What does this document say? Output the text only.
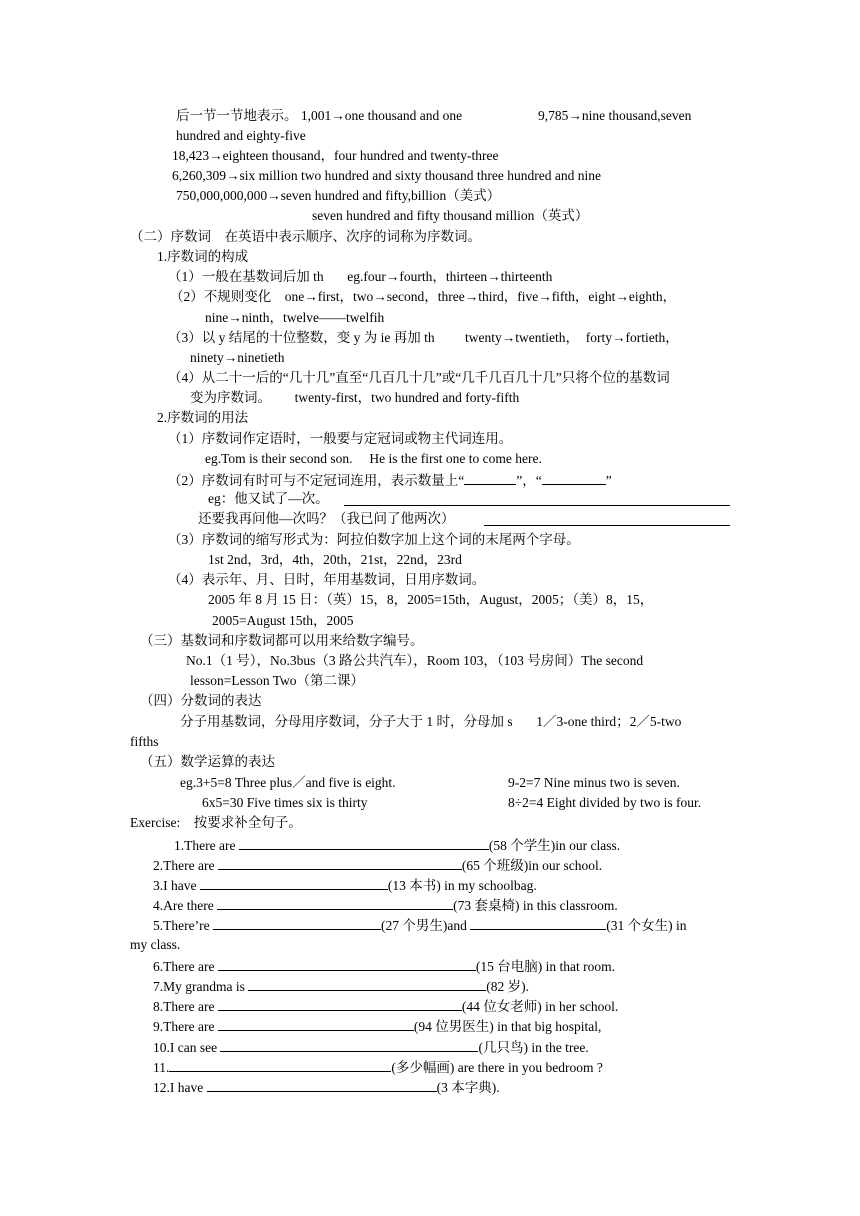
后一节一节地表示。 1,001→one thousand and one	9,785→nine thousand,seven
hundred and eighty-five
18,423→eighteen thousand，four hundred and twenty-three
6,260,309→six million two hundred and sixty thousand three hundred and nine
750,000,000,000→seven hundred and fifty,billion（美式）
seven hundred and fifty thousand million（英式）
（二）序数词    在英语中表示顺序、次序的词称为序数词。
1.序数词的构成
（1）一般在基数词后加 th       eg.four→fourth，thirteen→thirteenth
（2）不规则变化    one→first，two→second，three→third，five→fifth，eight→eighth，
nine→ninth，twelve——twelfih
（3）以 y 结尾的十位整数，变 y 为 ie 再加 th         twenty→twentieth，  forty→fortieth，
ninety→ninetieth
（4）从二十一后的“几十几”直至“几百几十几”或“几千几百几十几”只将个位的基数词
变为序数词。       twenty-first，two hundred and forty-fifth
2.序数词的用法
（1）序数词作定语时，一般要与定冠词或物主代词连用。
eg.Tom is their second son.     He is the first one to come here.
（2）序数词有时可与不定冠词连用，表示数量上“	”，“	”
eg：他又试了—次。
还要我再问他—次吗？（我已问了他两次）
（3）序数词的缩写形式为：阿拉伯数字加上这个词的末尾两个字母。
1st 2nd，3rd，4th，20th，21st，22nd，23rd
（4）表示年、月、日时，年用基数词，日用序数词。
2005 年 8 月 15 日：（英）15，8，2005=15th，August，2005；（美）8，15，
2005=August 15th，2005
（三）基数词和序数词都可以用来给数字编号。
No.1（1 号），No.3bus（3 路公共汽车），Room 103，（103 号房间）The second
lesson=Lesson Two（第二课）
（四）分数词的表达
分子用基数词，分母用序数词，分子大于 1 时，分母加 s       1／3-one third；2／5-two
fifths
（五）数学运算的表达
eg.3+5=8 Three plus／and five is eight.	9-2=7 Nine minus two is seven.
6x5=30 Five times six is thirty	8÷2=4 Eight divided by two is four.
Exercise:    按要求补全句子。
1.There are	(58 个学生)in our class.
2.There are	(65 个班级)in our school.
3.I have	(13 本书) in my schoolbag.
4.Are there	(73 套桌椅) in this classroom.
5.There’re	(27 个男生)and	(31 个女生) in
my class.
6.There are	(15 台电脑) in that room.
7.My grandma is	(82 岁).
8.There are	(44 位女老师) in her school.
9.There are	(94 位男医生) in that big hospital,
10.I can see	(几只鸟) in the tree.
11.	(多少幅画) are there in you bedroom ?
12.I have	(3 本字典).
